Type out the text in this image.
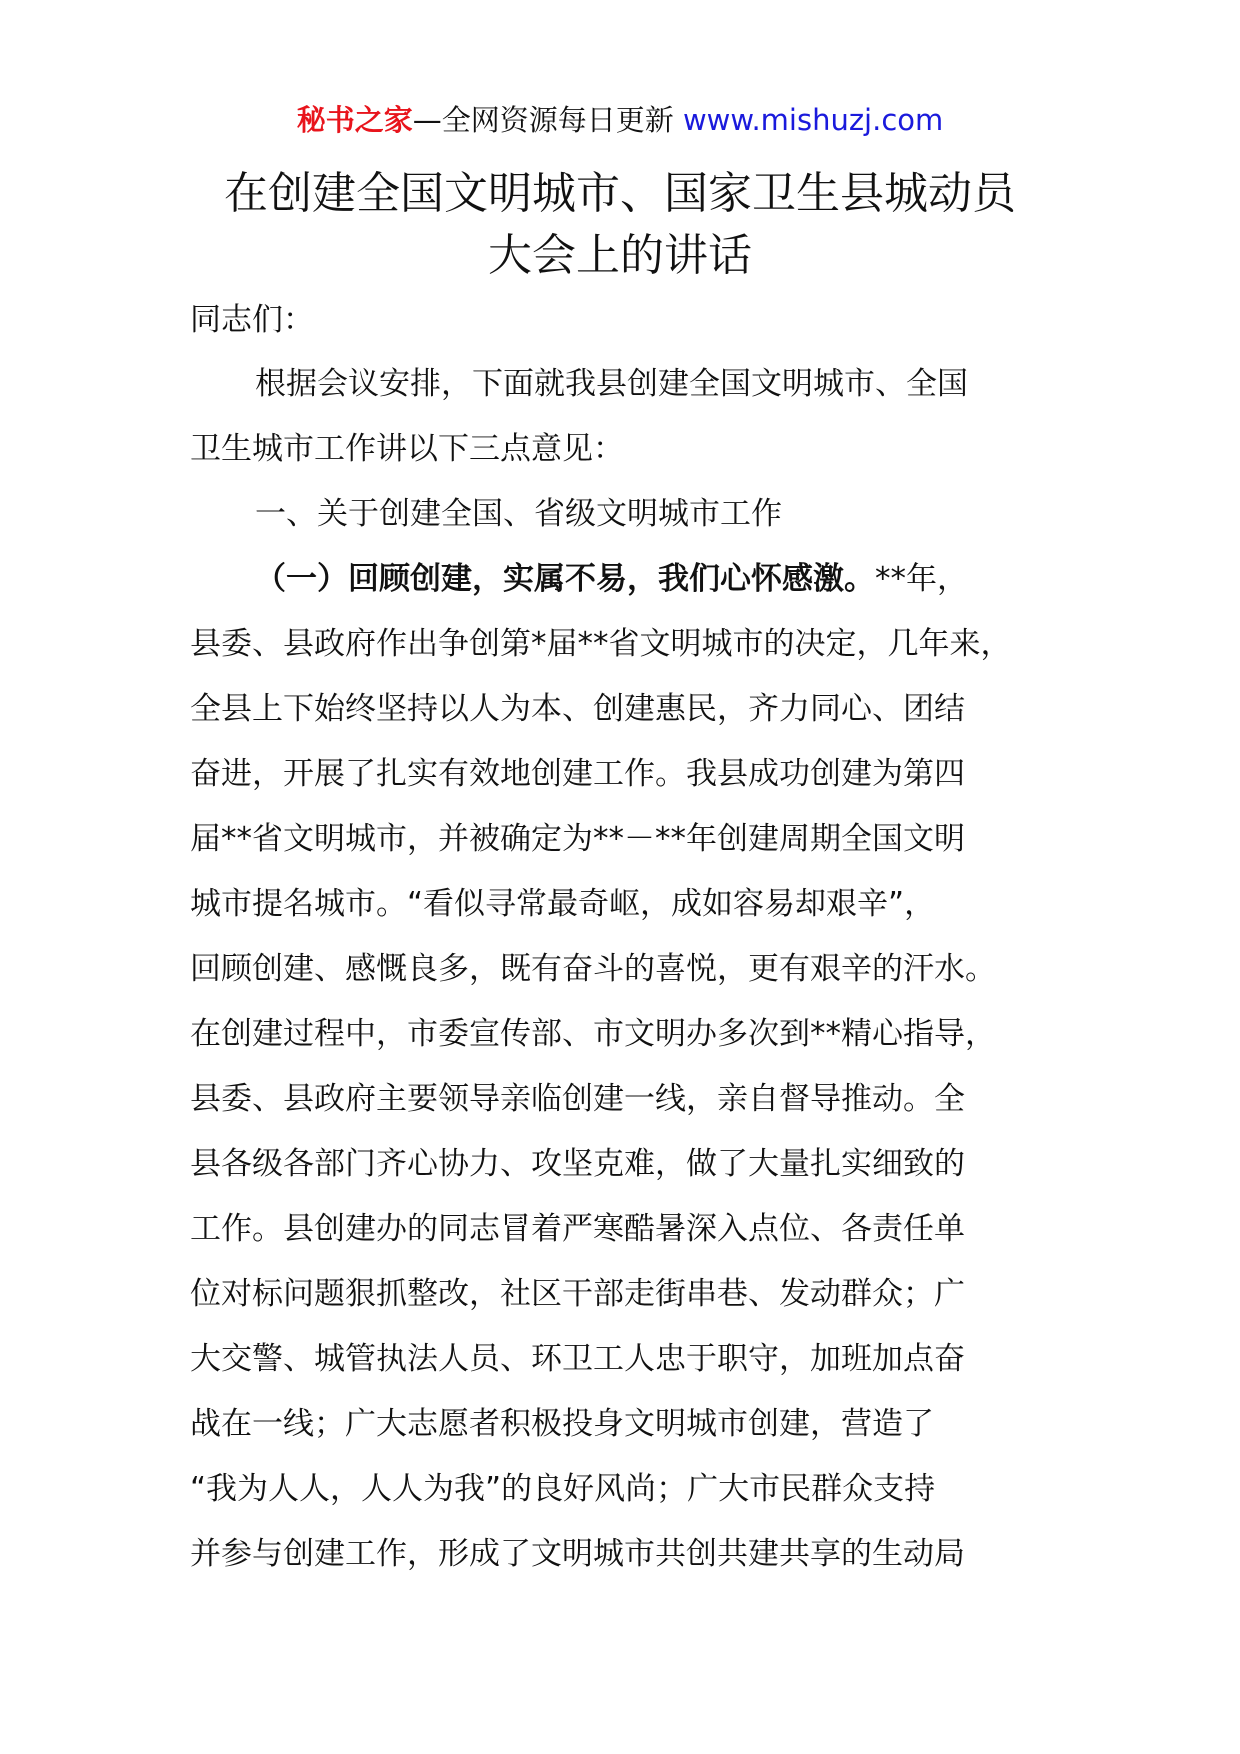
秘书之家—全网资源每日更新 www.mishuzj.com
在创建全国文明城市、国家卫生县城动员
大会上的讲话
同志们：
根据会议安排，下面就我县创建全国文明城市、全国
卫生城市工作讲以下三点意见：
一、关于创建全国、省级文明城市工作
（一）回顾创建，实属不易，我们心怀感激。**年，
县委、县政府作出争创第*届**省文明城市的决定，几年来，
全县上下始终坚持以人为本、创建惠民，齐力同心、团结
奋进，开展了扎实有效地创建工作。我县成功创建为第四
届**省文明城市，并被确定为**－**年创建周期全国文明
城市提名城市。“看似寻常最奇岖，成如容易却艰辛”，
回顾创建、感慨良多，既有奋斗的喜悦，更有艰辛的汗水。
在创建过程中，市委宣传部、市文明办多次到**精心指导，
县委、县政府主要领导亲临创建一线，亲自督导推动。全
县各级各部门齐心协力、攻坚克难，做了大量扎实细致的
工作。县创建办的同志冒着严寒酷暑深入点位、各责任单
位对标问题狠抓整改，社区干部走街串巷、发动群众；广
大交警、城管执法人员、环卫工人忠于职守，加班加点奋
战在一线；广大志愿者积极投身文明城市创建，营造了
“我为人人，人人为我”的良好风尚；广大市民群众支持
并参与创建工作，形成了文明城市共创共建共享的生动局
